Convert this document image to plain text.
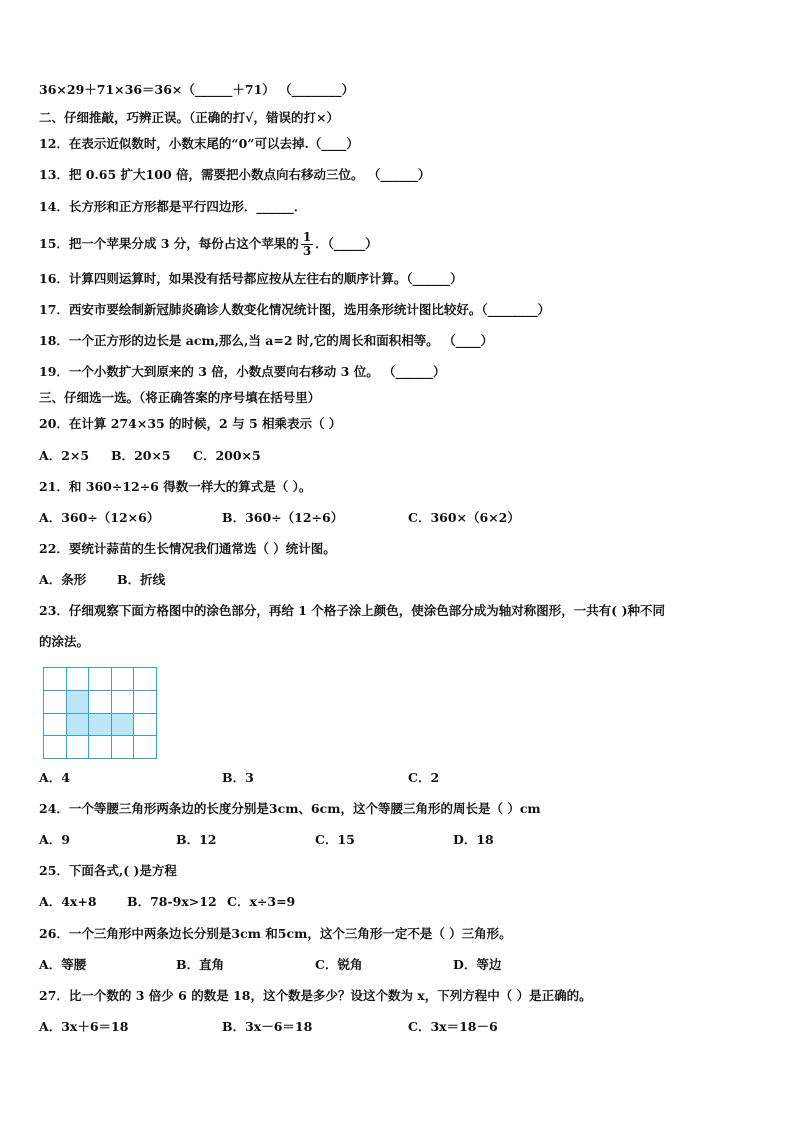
36×29＋71×36＝36×（______＋71） （________）
二、仔细推敲，巧辨正误。（正确的打√，错误的打×）
12．在表示近似数时，小数末尾的“0”可以去掉.（____）
13．把 0.65 扩大100 倍，需要把小数点向右移动三位。 （______）
14．长方形和正方形都是平行四边形．______．
15．把一个苹果分成 3 分，每份占这个苹果的 $\frac{1}{3}$ ．（_____）
16．计算四则运算时，如果没有括号都应按从左往右的顺序计算。（______）
17．西安市要绘制新冠肺炎确诊人数变化情况统计图，选用条形统计图比较好。（________）
18．一个正方形的边长是 acm,那么,当 a=2 时,它的周长和面积相等。 （____）
19．一个小数扩大到原来的 3 倍，小数点要向右移动 3 位。 （______）
三、仔细选一选。（将正确答案的序号填在括号里）
20．在计算 274×35 的时候，2 与 5 相乘表示（ ）
A．2×5 B．20×5 C．200×5
21．和 360÷12÷6 得数一样大的算式是（ ）。
A．360÷（12×6）	B．360÷（12÷6）	C．360×（6×2）
22．要统计蒜苗的生长情况我们通常选（ ）统计图。
A．条形 B．折线
23．仔细观察下面方格图中的涂色部分，再给 1 个格子涂上颜色，使涂色部分成为轴对称图形，一共有( )种不同
的涂法。
A．4	B．3	C．2
24．一个等腰三角形两条边的长度分别是3cm、6cm，这个等腰三角形的周长是（ ）cm
A．9	B．12	C．15	D．18
25．下面各式,( )是方程
A．4x+8 B．78-9x>12 C．x÷3=9
26．一个三角形中两条边长分别是3cm 和5cm，这个三角形一定不是（ ）三角形。
A．等腰	B．直角	C．锐角	D．等边
27．比一个数的 3 倍少 6 的数是 18，这个数是多少？设这个数为 x，下列方程中（ ）是正确的。
A．3x＋6＝18	B．3x－6＝18	C．3x＝18－6
